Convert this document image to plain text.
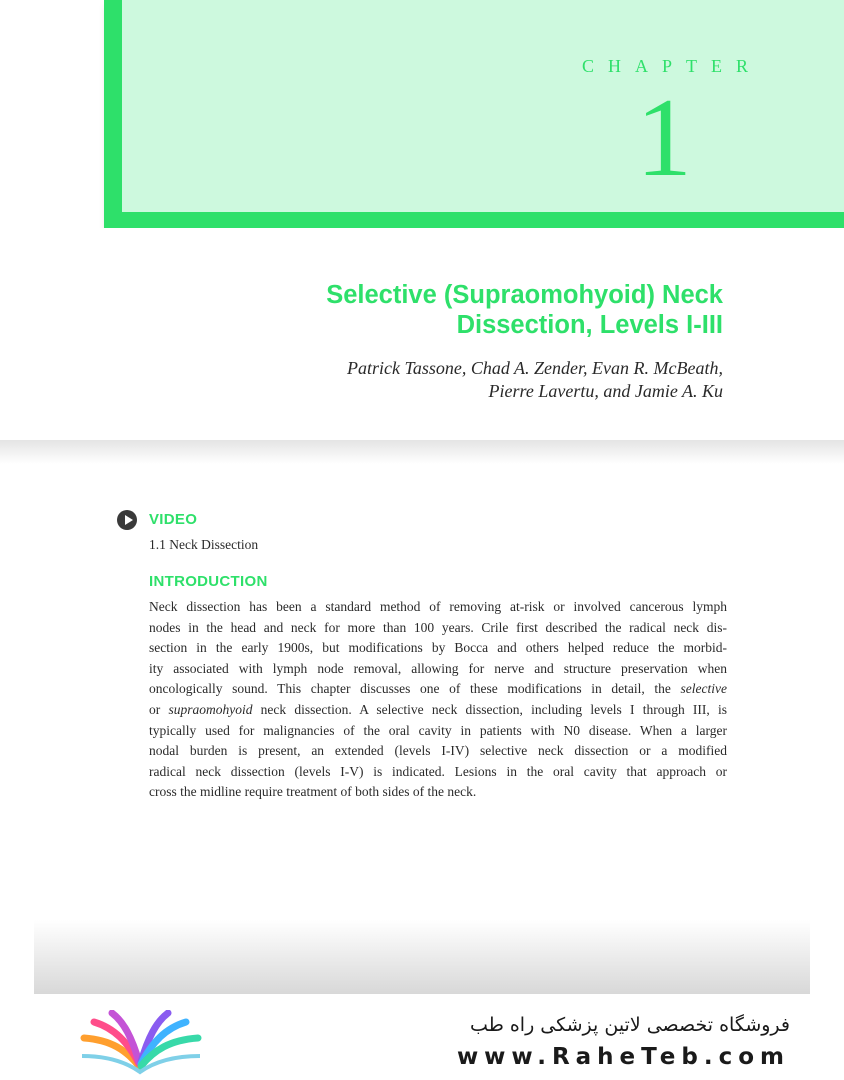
CHAPTER
1
Selective (Supraomohyoid) Neck
Dissection, Levels I-III
Patrick Tassone, Chad A. Zender, Evan R. McBeath,
Pierre Lavertu, and Jamie A. Ku
VIDEO
1.1 Neck Dissection
INTRODUCTION
Neck dissection has been a standard method of removing at-risk or involved cancerous lymph
nodes in the head and neck for more than 100 years. Crile first described the radical neck dis-
section in the early 1900s, but modifications by Bocca and others helped reduce the morbid-
ity associated with lymph node removal, allowing for nerve and structure preservation when
oncologically sound. This chapter discusses one of these modifications in detail, the selective
or supraomohyoid neck dissection. A selective neck dissection, including levels I through III, is
typically used for malignancies of the oral cavity in patients with N0 disease. When a larger
nodal burden is present, an extended (levels I-IV) selective neck dissection or a modified
radical neck dissection (levels I-V) is indicated. Lesions in the oral cavity that approach or
cross the midline require treatment of both sides of the neck.
فروشگاه تخصصی لاتین پزشکی راه طب
www.RaheTeb.com
